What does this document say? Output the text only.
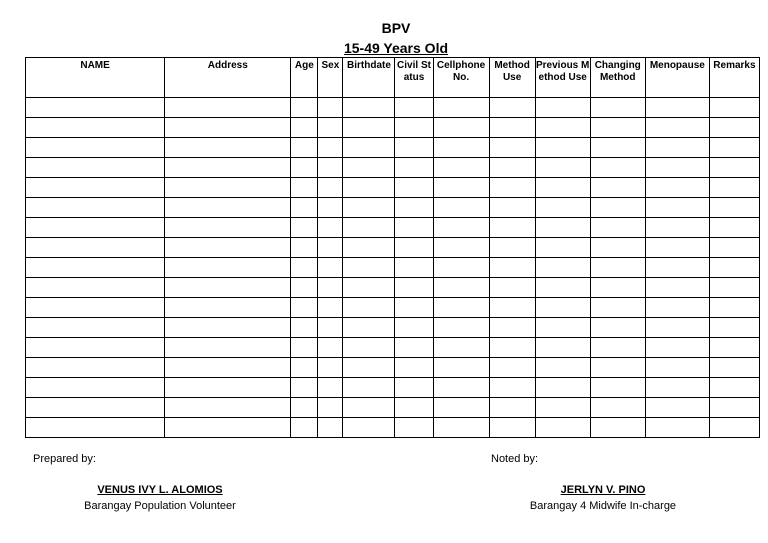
BPV
15-49 Years Old
NAME	Address	Age	Sex	Birthdate	Civil Status	Cellphone No.	Method Use	Previous Method Use	Changing Method	Menopause	Remarks

Prepared by:	Noted by:
VENUS IVY L. ALOMIOS
Barangay Population Volunteer
JERLYN V. PINO
Barangay 4 Midwife In-charge
